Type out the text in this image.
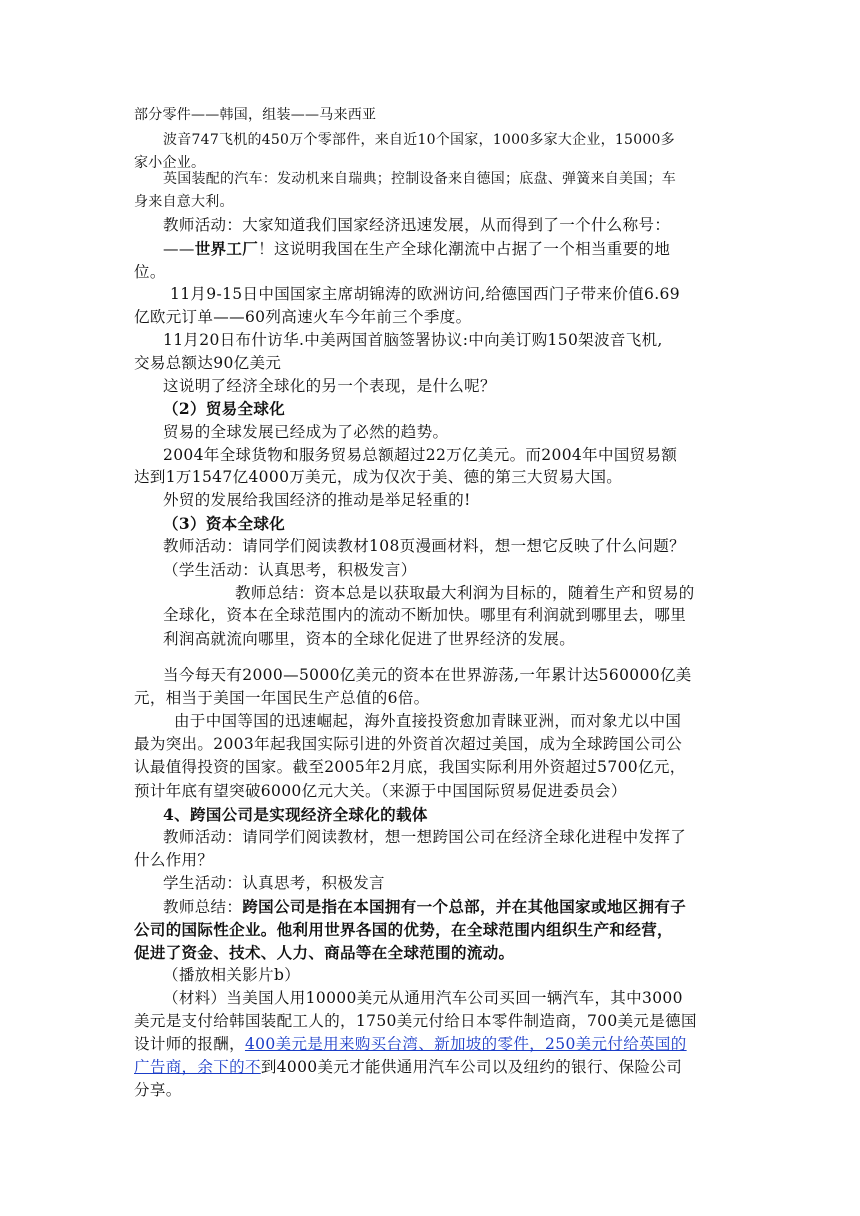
部分零件——韩国，组装——马来西亚
波音747飞机的450万个零部件，来自近10个国家，1000多家大企业，15000多
家小企业。
英国装配的汽车：发动机来自瑞典；控制设备来自德国；底盘、弹簧来自美国；车
身来自意大利。
教师活动：大家知道我们国家经济迅速发展，从而得到了一个什么称号：
——世界工厂！这说明我国在生产全球化潮流中占据了一个相当重要的地
位。
11月9-15日中国国家主席胡锦涛的欧洲访问,给德国西门子带来价值6.69
亿欧元订单——60列高速火车今年前三个季度。
11月20日布什访华.中美两国首脑签署协议:中向美订购150架波音飞机,
交易总额达90亿美元
这说明了经济全球化的另一个表现，是什么呢？
（2）贸易全球化
贸易的全球发展已经成为了必然的趋势。
2004年全球货物和服务贸易总额超过22万亿美元。而2004年中国贸易额
达到1万1547亿4000万美元，成为仅次于美、德的第三大贸易大国。
外贸的发展给我国经济的推动是举足轻重的!
（3）资本全球化
教师活动：请同学们阅读教材108页漫画材料，想一想它反映了什么问题？
（学生活动：认真思考，积极发言）
教师总结：资本总是以获取最大利润为目标的，随着生产和贸易的
全球化，资本在全球范围内的流动不断加快。哪里有利润就到哪里去，哪里
利润高就流向哪里，资本的全球化促进了世界经济的发展。
当今每天有2000—5000亿美元的资本在世界游荡,一年累计达560000亿美
元，相当于美国一年国民生产总值的6倍。
由于中国等国的迅速崛起，海外直接投资愈加青睐亚洲，而对象尤以中国
最为突出。2003年起我国实际引进的外资首次超过美国，成为全球跨国公司公
认最值得投资的国家。截至2005年2月底，我国实际利用外资超过5700亿元，
预计年底有望突破6000亿元大关。（来源于中国国际贸易促进委员会）
4、跨国公司是实现经济全球化的载体
教师活动：请同学们阅读教材，想一想跨国公司在经济全球化进程中发挥了
什么作用？
学生活动：认真思考，积极发言
教师总结：跨国公司是指在本国拥有一个总部，并在其他国家或地区拥有子
公司的国际性企业。他利用世界各国的优势，在全球范围内组织生产和经营，
促进了资金、技术、人力、商品等在全球范围的流动。
（播放相关影片b）
（材料）当美国人用10000美元从通用汽车公司买回一辆汽车，其中3000
美元是支付给韩国装配工人的，1750美元付给日本零件制造商，700美元是德国
设计师的报酬，400美元是用来购买台湾、新加坡的零件，250美元付给英国的
广告商，余下的不到4000美元才能供通用汽车公司以及纽约的银行、保险公司
分享。
